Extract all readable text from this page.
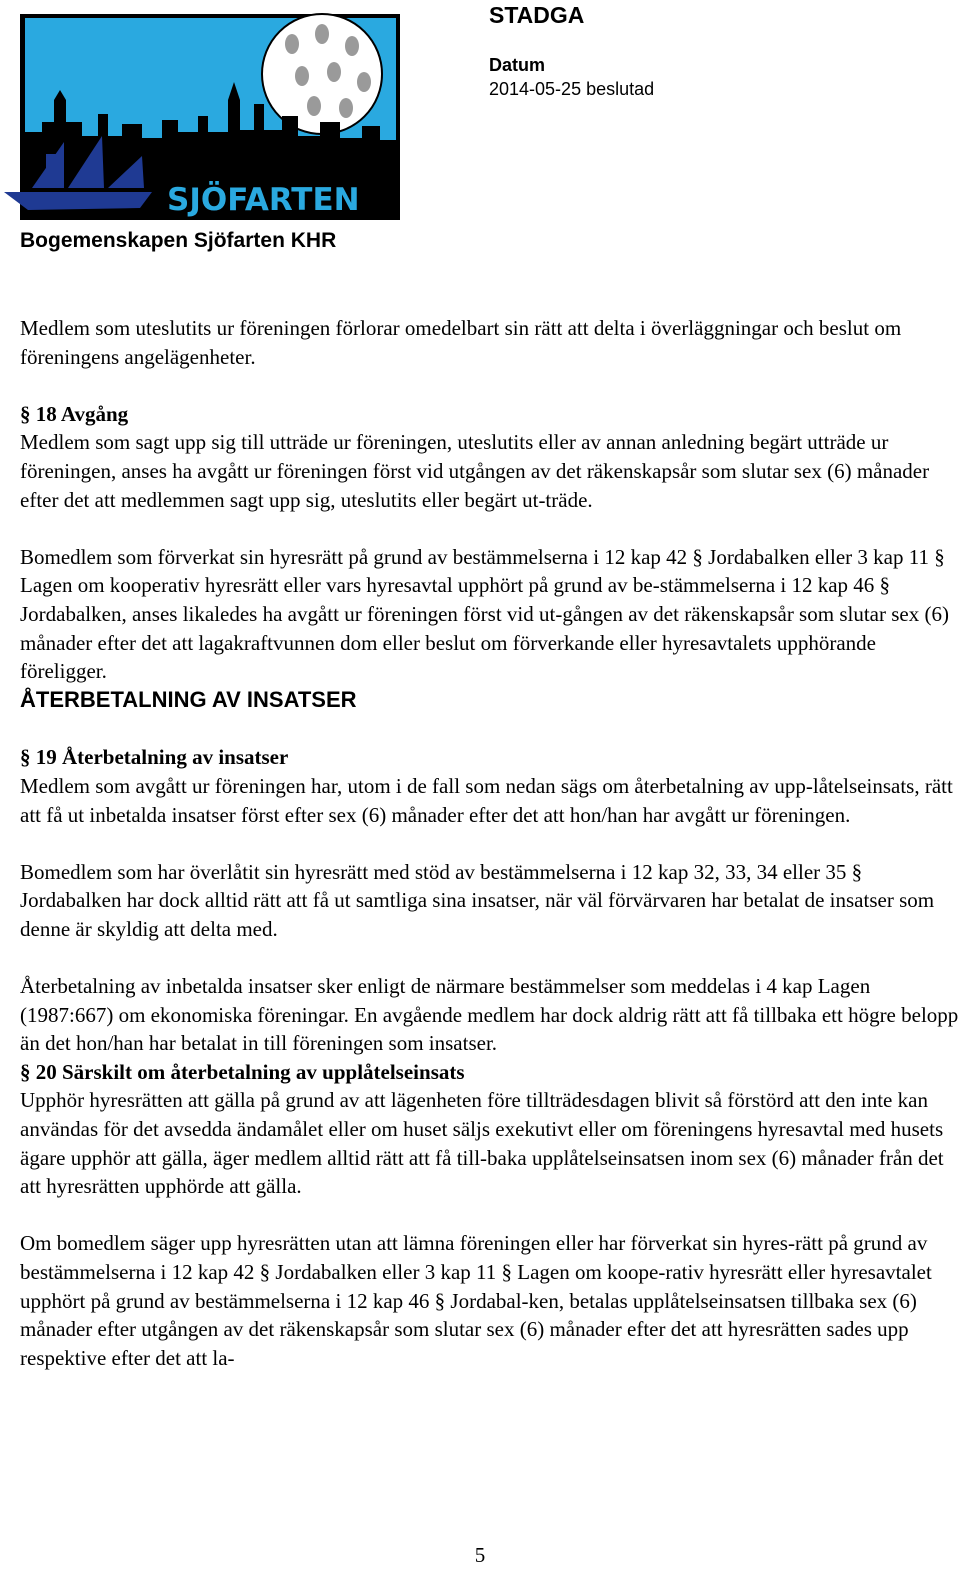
SJÖFARTEN
STADGA
Datum
2014-05-25 beslutad
Bogemenskapen Sjöfarten KHR

Medlem som uteslutits ur föreningen förlorar omedelbart sin rätt att delta i överläggningar och beslut om föreningens angelägenheter.

§ 18 Avgång

Medlem som sagt upp sig till utträde ur föreningen, uteslutits eller av annan anledning begärt utträde ur föreningen, anses ha avgått ur föreningen först vid utgången av det räkenskapsår som slutar sex (6) månader efter det att medlemmen sagt upp sig, uteslutits eller begärt ut-träde.

Bomedlem som förverkat sin hyresrätt på grund av bestämmelserna i 12 kap 42 § Jordabalken eller 3 kap 11 § Lagen om kooperativ hyresrätt eller vars hyresavtal upphört på grund av be-stämmelserna i 12 kap 46 § Jordabalken, anses likaledes ha avgått ur föreningen först vid ut-gången av det räkenskapsår som slutar sex (6) månader efter det att lagakraftvunnen dom eller beslut om förverkande eller hyresavtalets upphörande föreligger.

ÅTERBETALNING AV INSATSER
§ 19 Återbetalning av insatser

Medlem som avgått ur föreningen har, utom i de fall som nedan sägs om återbetalning av upp-låtelseinsats, rätt att få ut inbetalda insatser först efter sex (6) månader efter det att hon/han har avgått ur föreningen.

Bomedlem som har överlåtit sin hyresrätt med stöd av bestämmelserna i 12 kap 32, 33, 34 eller 35 § Jordabalken har dock alltid rätt att få ut samtliga sina insatser, när väl förvärvaren har betalat de insatser som denne är skyldig att delta med.

Återbetalning av inbetalda insatser sker enligt de närmare bestämmelser som meddelas i 4 kap Lagen (1987:667) om ekonomiska föreningar. En avgående medlem har dock aldrig rätt att få tillbaka ett högre belopp än det hon/han har betalat in till föreningen som insatser.

§ 20 Särskilt om återbetalning av upplåtelseinsats

Upphör hyresrätten att gälla på grund av att lägenheten före tillträdesdagen blivit så förstörd att den inte kan användas för det avsedda ändamålet eller om huset säljs exekutivt eller om föreningens hyresavtal med husets ägare upphör att gälla, äger medlem alltid rätt att få till-baka upplåtelseinsatsen inom sex (6) månader från det att hyresrätten upphörde att gälla.

Om bomedlem säger upp hyresrätten utan att lämna föreningen eller har förverkat sin hyres-rätt på grund av bestämmelserna i 12 kap 42 § Jordabalken eller 3 kap 11 § Lagen om koope-rativ hyresrätt eller hyresavtalet upphört på grund av bestämmelserna i 12 kap 46 § Jordabal-ken, betalas upplåtelseinsatsen tillbaka sex (6) månader efter utgången av det räkenskapsår som slutar sex (6) månader efter det att hyresrätten sades upp respektive efter det att la-

5
